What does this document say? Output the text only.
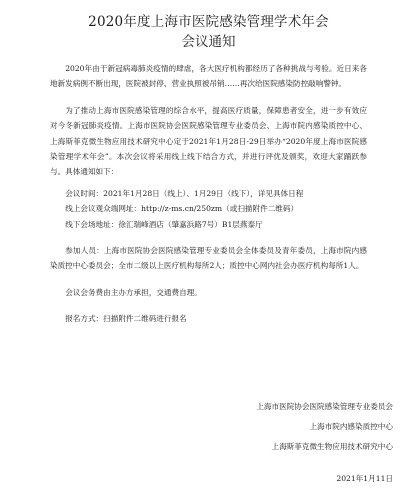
2020年度上海市医院感染管理学术年会
会议通知

2020年由于新冠病毒肺炎疫情的肆虐，各大医疗机构都经历了各种挑战与考验。近日来各地新发病例不断出现，医院被封停、营业执照被吊销……再次给医院感染防控敲响警钟。

为了推动上海市医院感染管理的综合水平，提高医疗质量，保障患者安全，进一步有效应对今冬新冠肺炎疫情。上海市医院协会医院感染管理专业委员会、上海市院内感染质控中心、上海斯菲克微生物应用技术研究中心定于2021年1月28日-29日举办“2020年度上海市医院感染管理学术年会”。本次会议将采用线上线下结合方式，并进行评优及颁奖，欢迎大家踊跃参与。具体通知如下：

会议时间：2021年1月28日（线上）、1月29日（线下），详见具体日程

线上会议观众端网址：http://z-ms.cn/250zm（或扫描附件二维码）

线下会场地址：徐汇瑞峰酒店（肇嘉浜路7号）B1层燕泰厅

参加人员：上海市医院协会医院感染管理专业委员会全体委员及青年委员，上海市院内感染质控中心委员会；全市二级以上医疗机构每所2人；质控中心网内社会办医疗机构每所1人。

会议会务费由主办方承担，交通费自理。

报名方式：扫描附件二维码进行报名

上海市医院协会医院感染管理专业委员会
上海市院内感染质控中心
上海斯菲克微生物应用技术研究中心
2021年1月11日
